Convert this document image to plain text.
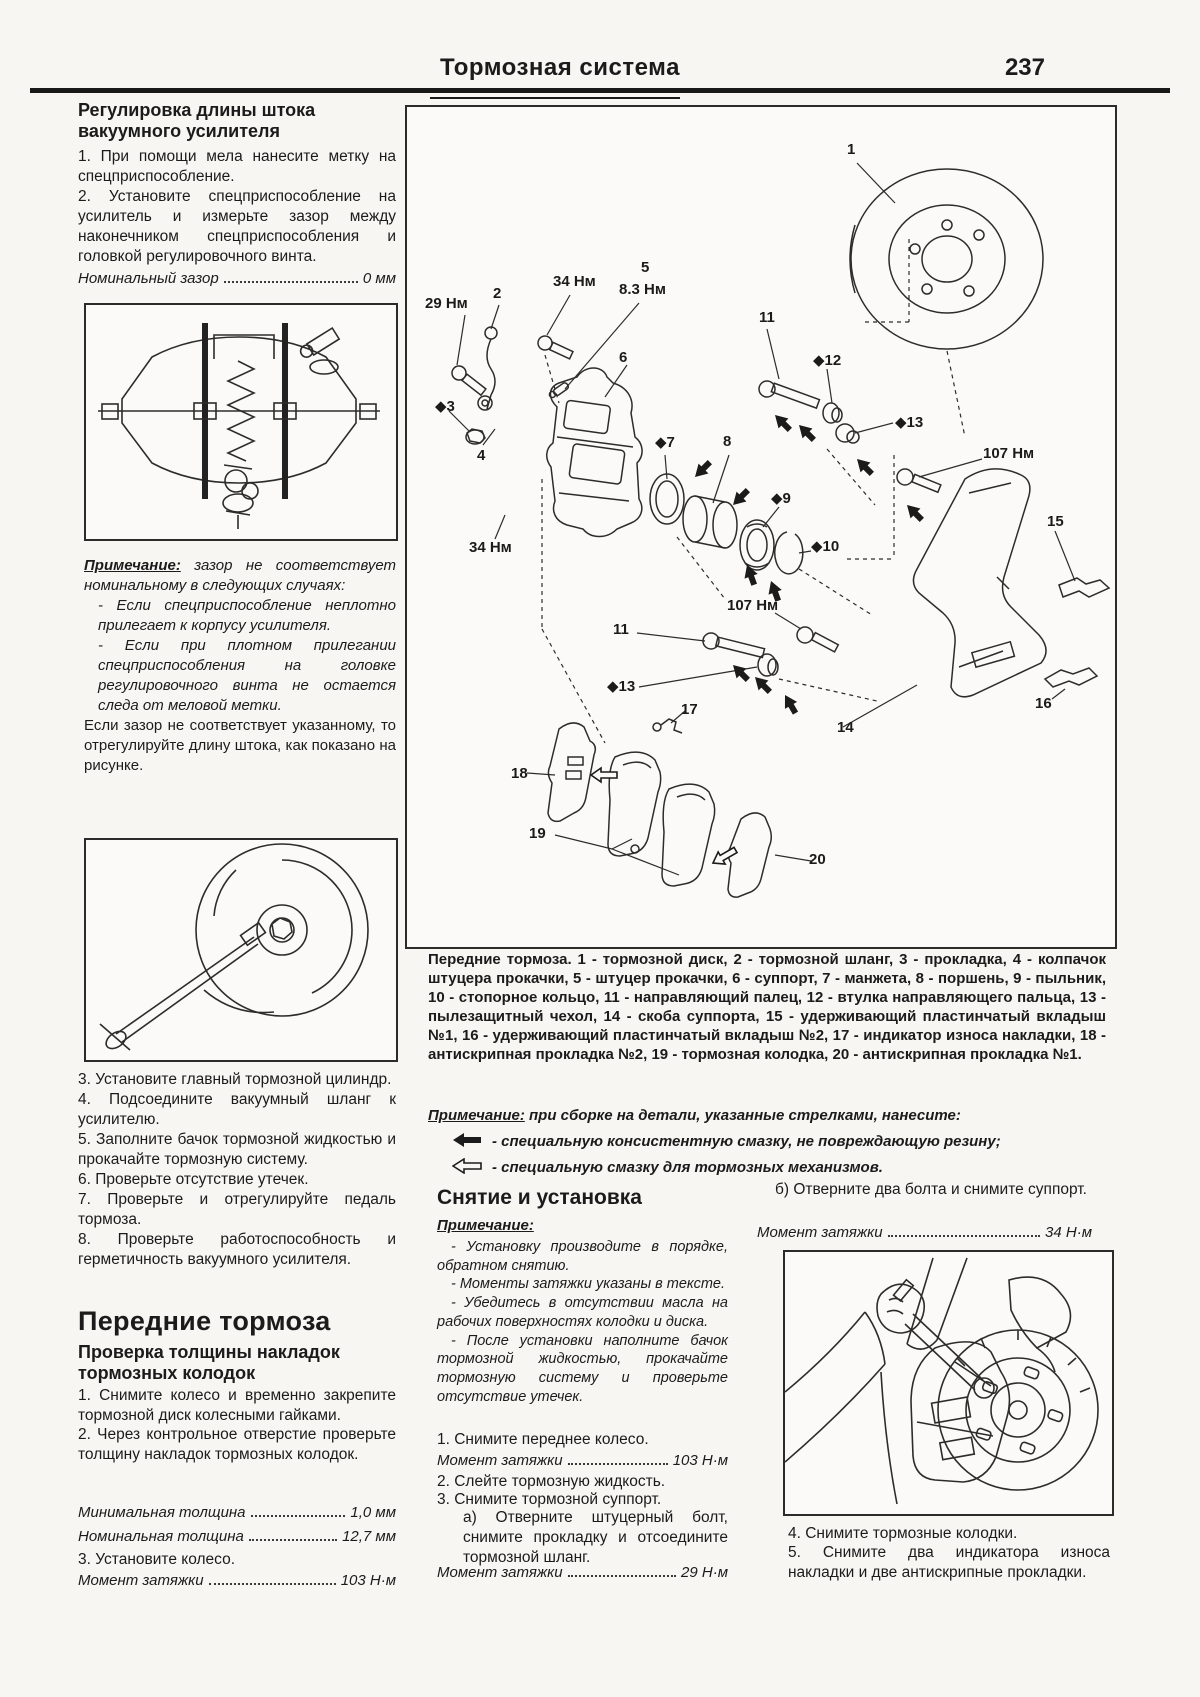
Тормозная система	237
Регулировка длины штока вакуумного усилителя

1. При помощи мела нанесите метку на спецприспособление.

2. Установите спецприспособление на усилитель и измерьте зазор между наконечником спецприспособления и головкой регулировочного винта.

Номинальный зазор	0 мм

Примечание: зазор не соответствует номинальному в следующих случаях:

- Если спецприспособление неплотно прилегает к корпусу усилителя.

- Если при плотном прилегании спецприспособления на головке регулировочного винта не остается следа от меловой метки.

Если зазор не соответствует указанному, то отрегулируйте длину штока, как показано на рисунке.

3. Установите главный тормозной цилиндр.

4. Подсоедините вакуумный шланг к усилителю.

5. Заполните бачок тормозной жидкостью и прокачайте тормозную систему.

6. Проверьте отсутствие утечек.

7. Проверьте и отрегулируйте педаль тормоза.

8. Проверьте работоспособность и герметичность вакуумного усилителя.

Передние тормоза
Проверка толщины накладок тормозных колодок

1. Снимите колесо и временно закрепите тормозной диск колесными гайками.

2. Через контрольное отверстие проверьте толщину накладок тормозных колодок.

Минимальная толщина	1,0 мм

Номинальная толщина	12,7 мм

3. Установите колесо.

Момент затяжки	103 Н·м

1
29 Нм
2
34 Нм
5
8.3 Нм
6
11
◆12
◆13
107 Нм
◆3
4
◆7	8
◆9
◆10
15
34 Нм
107 Нм
11
◆13
17
14
16
18
19
20
Передние тормоза. 1 - тормозной диск, 2 - тормозной шланг, 3 - прокладка, 4 - колпачок штуцера прокачки, 5 - штуцер прокачки, 6 - суппорт, 7 - манжета, 8 - поршень, 9 - пыльник, 10 - стопорное кольцо, 11 - направляющий палец, 12 - втулка направляющего пальца, 13 - пылезащитный чехол, 14 - скоба суппорта, 15 - удерживающий пластинчатый вкладыш №1, 16 - удерживающий пластинчатый вкладыш №2, 17 - индикатор износа накладки, 18 - антискрипная прокладка №2, 19 - тормозная колодка, 20 - антискрипная прокладка №1.

Примечание: при сборке на детали, указанные стрелками, нанесите:

- специальную консистентную смазку, не повреждающую резину;

- специальную смазку для тормозных механизмов.

Снятие и установка

Примечание:

- Установку производите в порядке, обратном снятию.

- Моменты затяжки указаны в тексте.

- Убедитесь в отсутствии масла на рабочих поверхностях колодки и диска.

- После установки наполните бачок тормозной жидкостью, прокачайте тормозную систему и проверьте отсутствие утечек.

1. Снимите переднее колесо.

Момент затяжки	103 Н·м

2. Слейте тормозную жидкость.

3. Снимите тормозной суппорт.

а) Отверните штуцерный болт, снимите прокладку и отсоедините тормозной шланг.

Момент затяжки	29 Н·м

б) Отверните два болта и снимите суппорт.

Момент затяжки	34 Н·м

4. Снимите тормозные колодки.

5. Снимите два индикатора износа накладки и две антискрипные прокладки.
